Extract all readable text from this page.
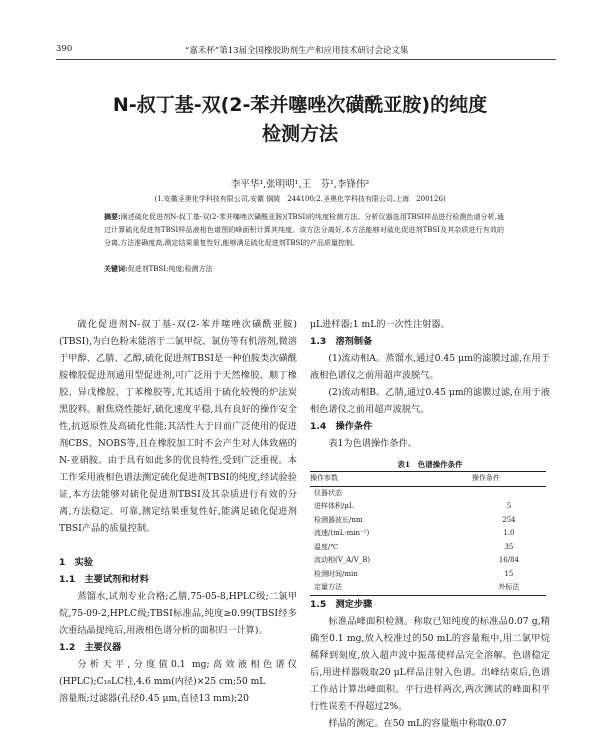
390	“嘉禾杯”第13届全国橡胶助剂生产和应用技术研讨会论文集
N-叔丁基-双(2-苯并噻唑次磺酰亚胺)的纯度
检测方法
李平华¹,张明明¹,王　芬¹,李锋伟²
(1.安徽圣奥化学科技有限公司,安徽 铜陵　244100;2.圣奥化学科技有限公司,上海　200126)
摘要:阐述硫化促进剂N-叔丁基-双(2-苯并噻唑次磺酰亚胺)(TBSI)的纯度检测方法。分析仪器选用TBSI样品进行检测色谱分析,通过计算硫化促进剂TBSI样品液相色谱图的峰面积计算其纯度。该方法分离好,本方法能够对硫化促进剂TBSI及其杂质进行有效的分离,方法准确度高,测定结果重复性好,能够满足硫化促进剂TBSI的产品质量控制。
关键词:促进剂TBSI;纯度;检测方法

硫化促进剂N-叔丁基-双(2-苯并噻唑次磺酰亚胺)(TBSI),为白色粉末能溶于二氯甲烷、氯仿等有机溶剂,微溶于甲醇、乙腈、乙醇,硫化促进剂TBSI是一种伯胺类次磺酰胺橡胶促进剂通用型促进剂,可广泛用于天然橡胶、顺丁橡胶、异戊橡胶、丁苯橡胶等,尤其适用于硫化较慢的炉法炭黑胶料。耐焦烧性能好,硫化速度平稳,具有良好的操作安全性,抗返原性及高硫化性能;其活性大于目前广泛使用的促进剂CBS、NOBS等,且在橡胶加工时不会产生对人体致癌的N-亚硝胺。由于具有如此多的优良特性,受到广泛重视。本工作采用液相色谱法测定硫化促进剂TBSI的纯度,经试验验证,本方法能够对硫化促进剂TBSI及其杂质进行有效的分离,方法稳定、可靠,测定结果重复性好,能满足硫化促进剂TBSI产品的质量控制。

1　实验

1.1　主要试剂和材料

蒸馏水,试剂专业合格;乙腈,75-05-8,HPLC级;二氯甲烷,75-09-2,HPLC级;TBSI标准品,纯度≥0.99(TBSI经多次重结晶提纯后,用液相色谱分析的面积归一计算)。

1.2　主要仪器

分析天平,分度值0.1 mg;高效液相色谱仪(HPLC);C₁₈LC柱,4.6 mm(内径)×25 cm;50 mL

溶量瓶;过滤器(孔径0.45 μm,直径13 mm);20

μL进样器;1 mL的一次性注射器。

1.3　溶剂制备

(1)流动相A。蒸馏水,通过0.45 μm的滤膜过滤,在用于液相色谱仪之前用超声波脱气。

(2)流动相B。乙腈,通过0.45 μm的滤膜过滤,在用于液相色谱仪之前用超声波脱气。

1.4　操作条件

表1为色谱操作条件。

表1　色谱操作条件

操作参数	操作条件
仪器状态	
进样体积/μL	5
检测器波长/nm	254
流速/(mL·min⁻¹)	1.0
温度/℃	35
流动相(V_A/V_B)	16/84
检测时间/min	15
定量方法	外标法

1.5　测定步骤

标准品峰面积检测。称取已知纯度的标准品0.07 g,精确至0.1 mg,放入校准过的50 mL的容量瓶中,用二氯甲烷稀释到刻度,放入超声波中振荡使样品完全溶解。色谱稳定后,用进样器吸取20 μL样品注射入色谱。出峰结束后,色谱工作站计算出峰面积。平行进样两次,两次测试的峰面积平行性误差不得超过2%。

样品的测定。在50 mL的容量瓶中称取0.07
